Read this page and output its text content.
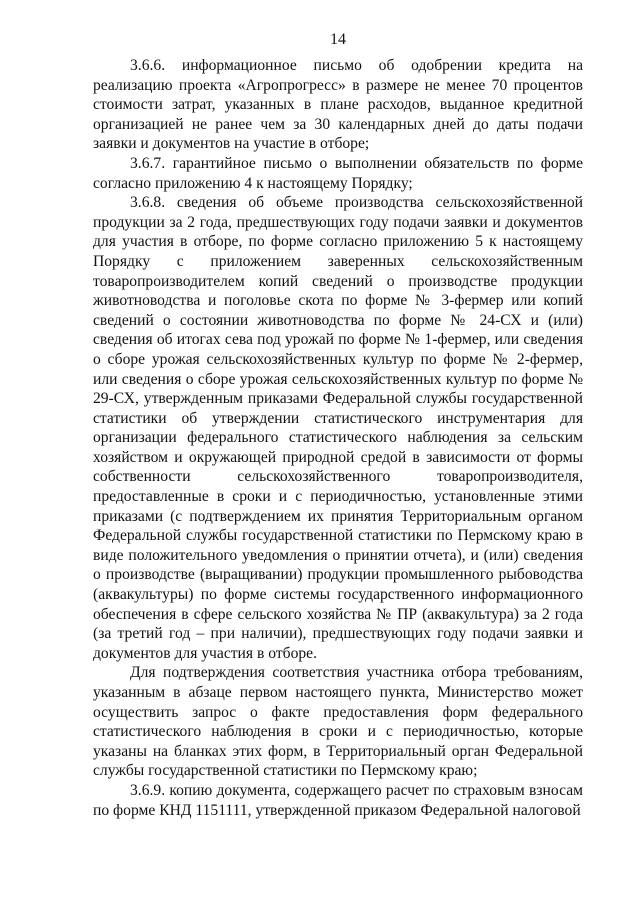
14

3.6.6. информационное письмо об одобрении кредита на реализацию проекта «Агропрогресс» в размере не менее 70 процентов стоимости затрат, указанных в плане расходов, выданное кредитной организацией не ранее чем за 30 календарных дней до даты подачи заявки и документов на участие в отборе;

3.6.7. гарантийное письмо о выполнении обязательств по форме согласно приложению 4 к настоящему Порядку;

3.6.8. сведения об объеме производства сельскохозяйственной продукции за 2 года, предшествующих году подачи заявки и документов для участия в отборе, по форме согласно приложению 5 к настоящему Порядку с приложением заверенных сельскохозяйственным товаропроизводителем копий сведений о производстве продукции животноводства и поголовье скота по форме № 3-фермер или копий сведений о состоянии животноводства по форме № 24-СХ и (или) сведения об итогах сева под урожай по форме № 1-фермер, или сведения о сборе урожая сельскохозяйственных культур по форме № 2-фермер, или сведения о сборе урожая сельскохозяйственных культур по форме № 29-СХ, утвержденным приказами Федеральной службы государственной статистики об утверждении статистического инструментария для организации федерального статистического наблюдения за сельским хозяйством и окружающей природной средой в зависимости от формы собственности сельскохозяйственного товаропроизводителя, предоставленные в сроки и с периодичностью, установленные этими приказами (с подтверждением их принятия Территориальным органом Федеральной службы государственной статистики по Пермскому краю в виде положительного уведомления о принятии отчета), и (или) сведения о производстве (выращивании) продукции промышленного рыбоводства (аквакультуры) по форме системы государственного информационного обеспечения в сфере сельского хозяйства № ПР (аквакультура) за 2 года (за третий год – при наличии), предшествующих году подачи заявки и документов для участия в отборе.

Для подтверждения соответствия участника отбора требованиям, указанным в абзаце первом настоящего пункта, Министерство может осуществить запрос о факте предоставления форм федерального статистического наблюдения в сроки и с периодичностью, которые указаны на бланках этих форм, в Территориальный орган Федеральной службы государственной статистики по Пермскому краю;

3.6.9. копию документа, содержащего расчет по страховым взносам по форме КНД 1151111, утвержденной приказом Федеральной налоговой
